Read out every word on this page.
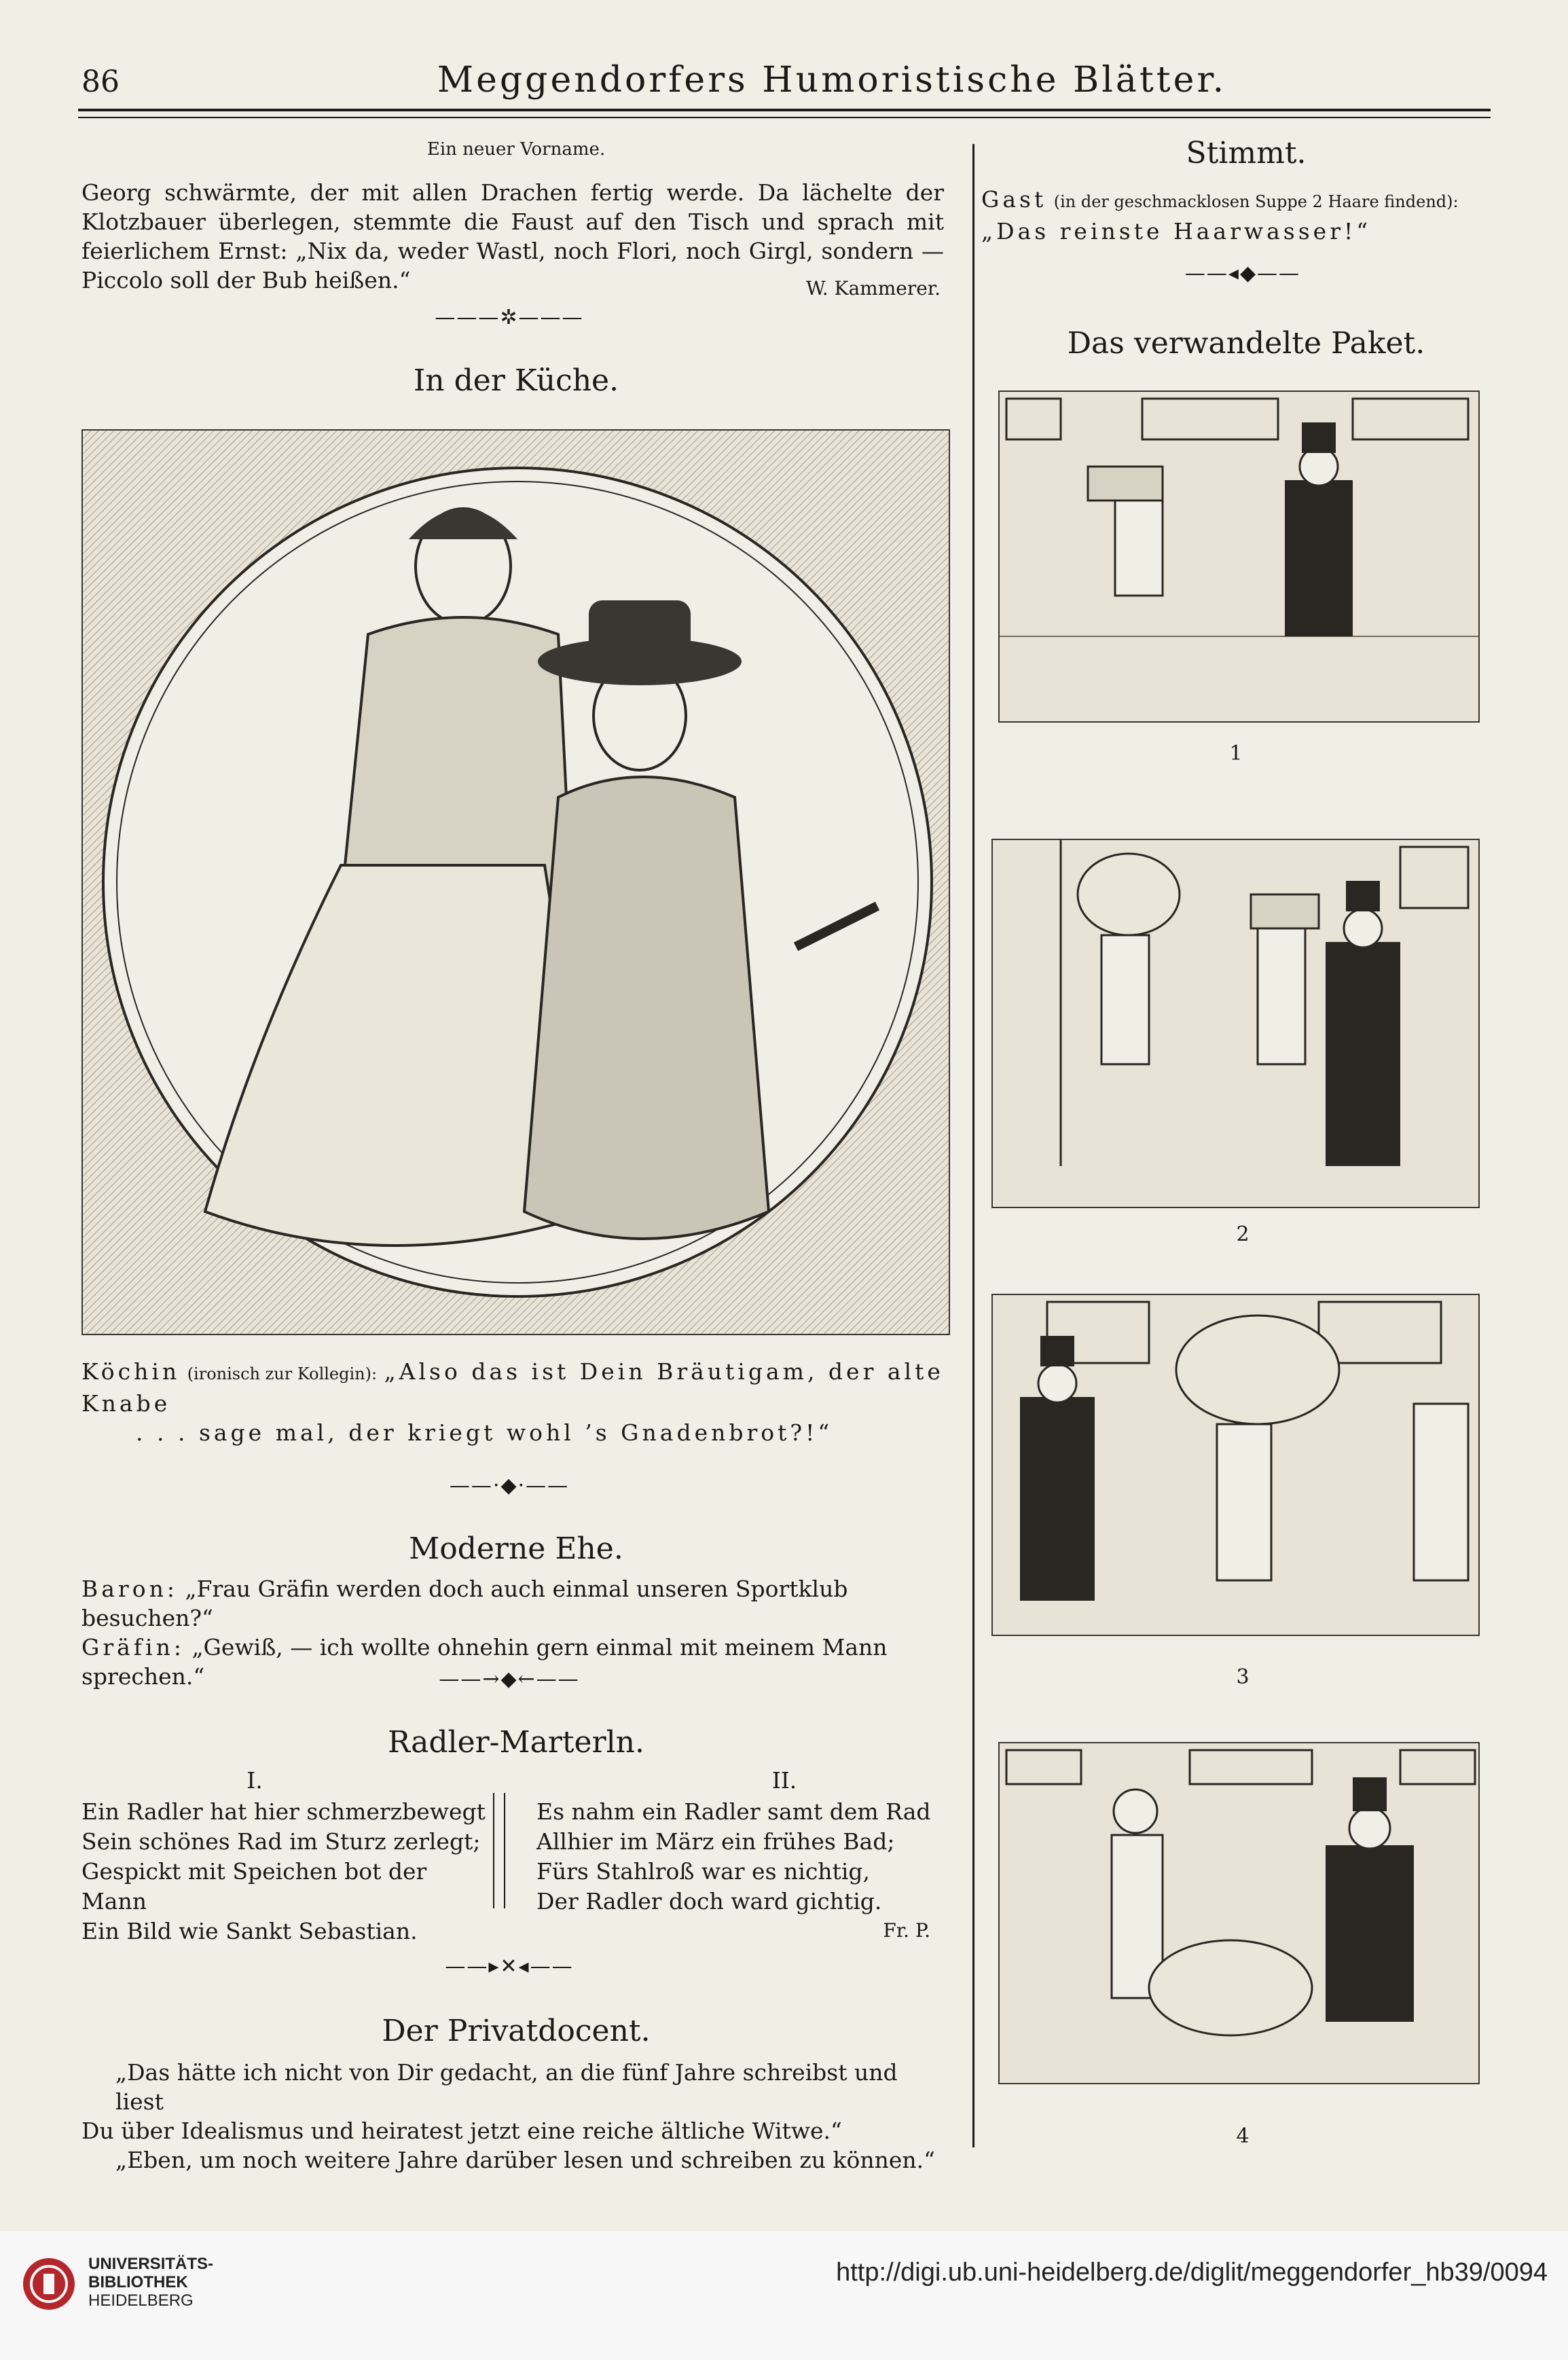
86	Meggendorfers Humoristische Blätter.
Ein neuer Vorname.

Georg schwärmte, der mit allen Drachen fertig werde. Da lächelte der Klotzbauer überlegen, stemmte die Faust auf den Tisch und sprach mit feierlichem Ernst: „Nix da, weder Wastl, noch Flori, noch Girgl, sondern — Piccolo soll der Bub heißen.“	W. Kammerer.
———✲———
In der Küche.
Köchin (ironisch zur Kollegin): „Also das ist Dein Bräutigam, der alte Knabe
. . . sage mal, der kriegt wohl ’s Gnadenbrot?!“
——·◆·——
Moderne Ehe.
Baron: „Frau Gräfin werden doch auch einmal unseren Sportklub besuchen?“
Gräfin: „Gewiß, — ich wollte ohnehin gern einmal mit meinem Mann sprechen.“	——→◆←——
Radler-Marterln.
I.	II.
Ein Radler hat hier schmerzbewegt
Sein schönes Rad im Sturz zerlegt;
Gespickt mit Speichen bot der Mann
Ein Bild wie Sankt Sebastian.
Es nahm ein Radler samt dem Rad
Allhier im März ein frühes Bad;
Fürs Stahlroß war es nichtig,
Der Radler doch ward gichtig.
Fr. P.
——▸✕◂——
Der Privatdocent.
„Das hätte ich nicht von Dir gedacht, an die fünf Jahre schreibst und liest
Du über Idealismus und heiratest jetzt eine reiche ältliche Witwe.“
„Eben, um noch weitere Jahre darüber lesen und schreiben zu können.“
Stimmt.
Gast (in der geschmacklosen Suppe 2 Haare findend): „Das reinste Haarwasser!“
——◂◆——
Das verwandelte Paket.
1
2
3
4
UNIVERSITÄTS-
BIBLIOTHEK
HEIDELBERG
http://digi.ub.uni-heidelberg.de/diglit/meggendorfer_hb39/0094
